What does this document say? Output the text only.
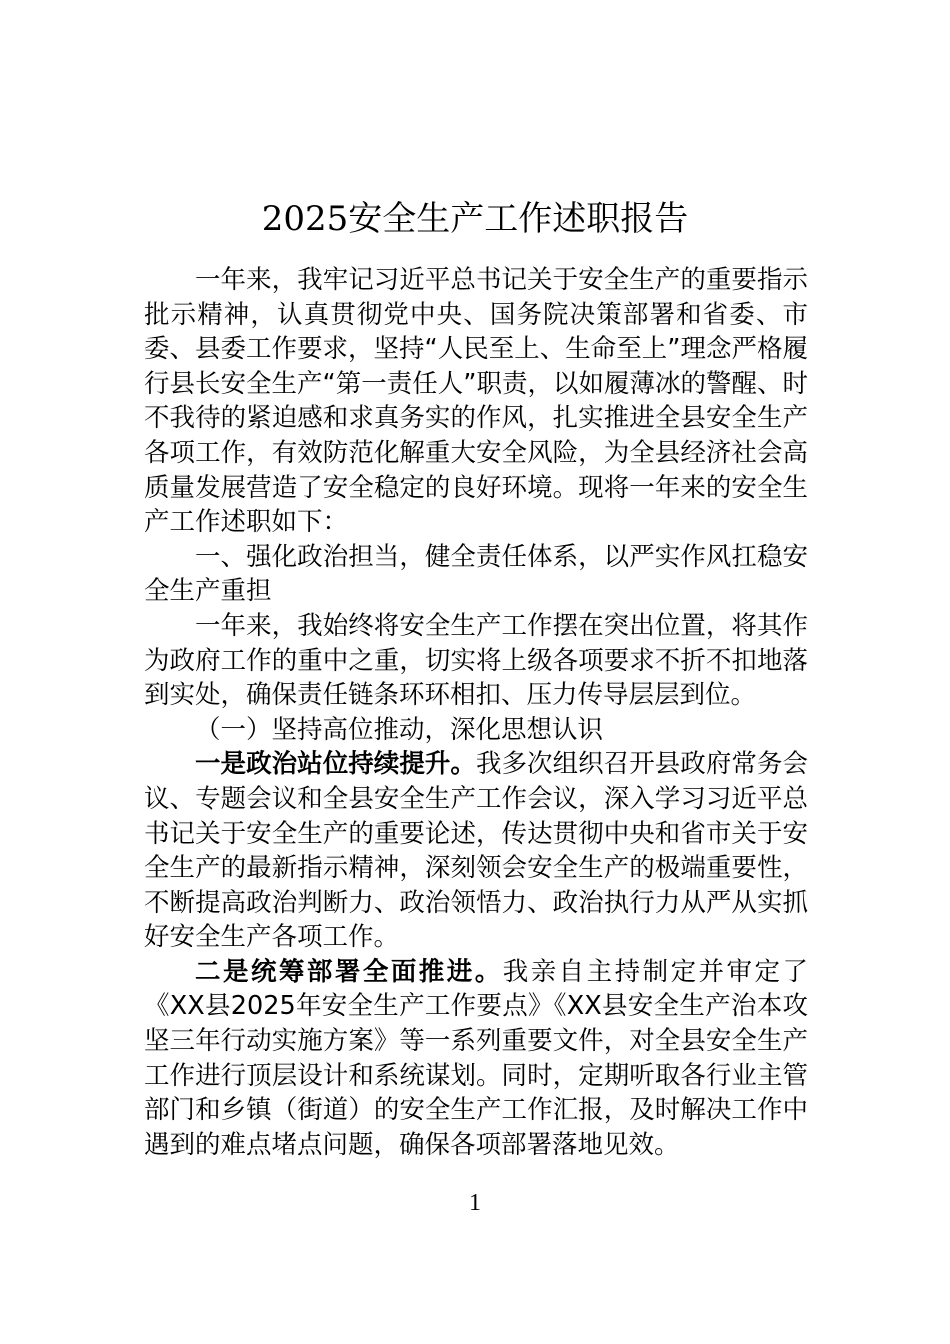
2025安全生产工作述职报告

一年来，我牢记习近平总书记关于安全生产的重要指示批示精神，认真贯彻党中央、国务院决策部署和省委、市委、县委工作要求，坚持“人民至上、生命至上”理念严格履行县长安全生产“第一责任人”职责，以如履薄冰的警醒、时不我待的紧迫感和求真务实的作风，扎实推进全县安全生产各项工作，有效防范化解重大安全风险，为全县经济社会高质量发展营造了安全稳定的良好环境。现将一年来的安全生产工作述职如下：

一、强化政治担当，健全责任体系，以严实作风扛稳安全生产重担

一年来，我始终将安全生产工作摆在突出位置，将其作为政府工作的重中之重，切实将上级各项要求不折不扣地落到实处，确保责任链条环环相扣、压力传导层层到位。

（一）坚持高位推动，深化思想认识

一是政治站位持续提升。我多次组织召开县政府常务会议、专题会议和全县安全生产工作会议，深入学习习近平总书记关于安全生产的重要论述，传达贯彻中央和省市关于安全生产的最新指示精神，深刻领会安全生产的极端重要性，不断提高政治判断力、政治领悟力、政治执行力从严从实抓好安全生产各项工作。

二是统筹部署全面推进。我亲自主持制定并审定了《XX县2025年安全生产工作要点》《XX县安全生产治本攻坚三年行动实施方案》等一系列重要文件，对全县安全生产工作进行顶层设计和系统谋划。同时，定期听取各行业主管部门和乡镇（街道）的安全生产工作汇报，及时解决工作中遇到的难点堵点问题，确保各项部署落地见效。

1
